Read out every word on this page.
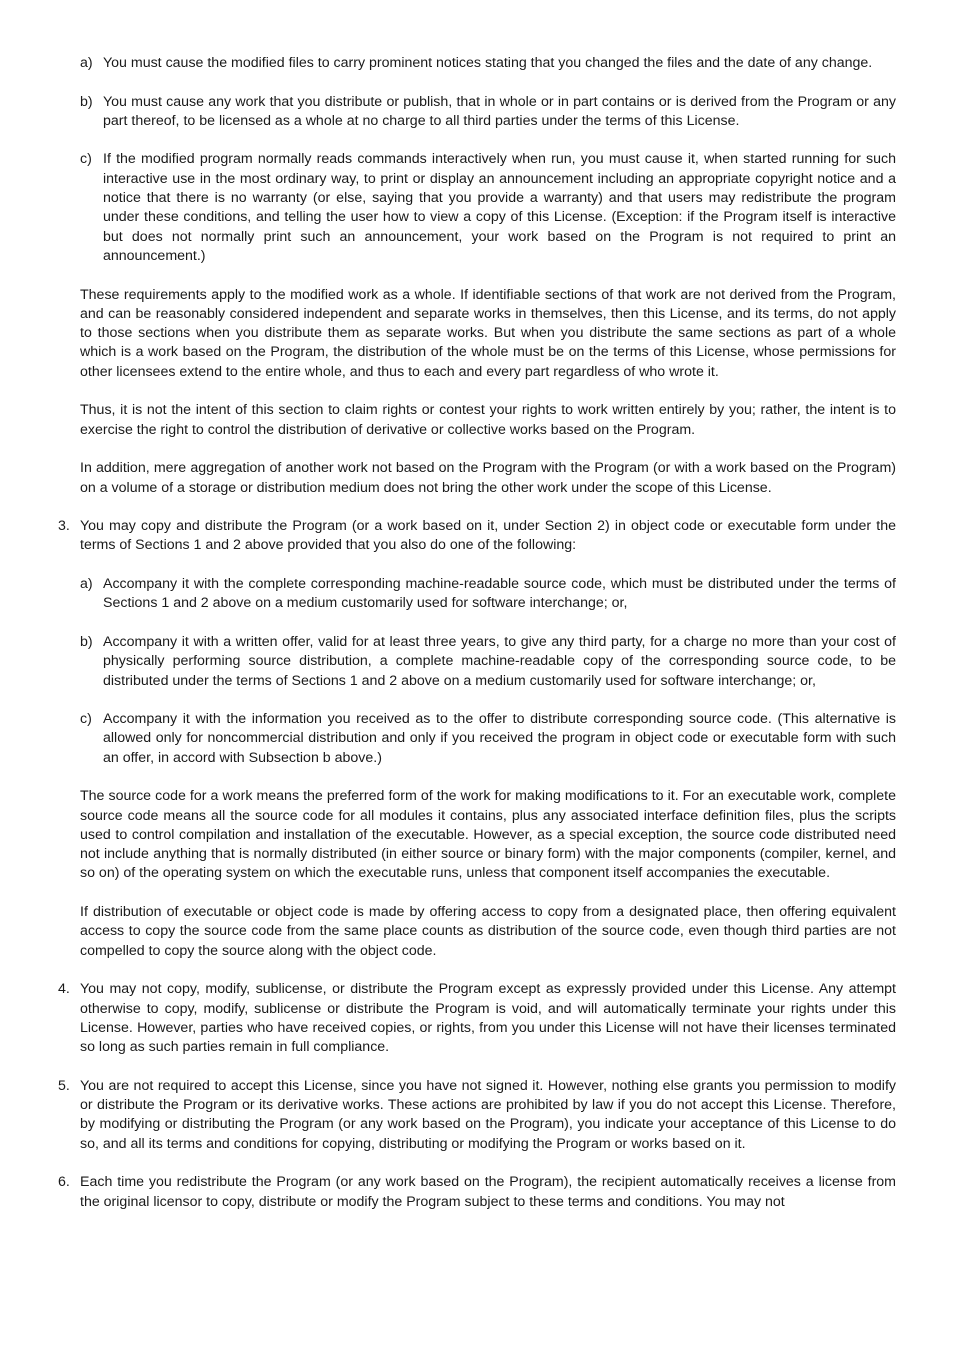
a) You must cause the modified files to carry prominent notices stating that you changed the files and the date of any change.

b) You must cause any work that you distribute or publish, that in whole or in part contains or is derived from the Program or any part thereof, to be licensed as a whole at no charge to all third parties under the terms of this License.

c) If the modified program normally reads commands interactively when run, you must cause it, when started running for such interactive use in the most ordinary way, to print or display an announcement including an appropriate copyright notice and a notice that there is no warranty (or else, saying that you provide a warranty) and that users may redistribute the program under these conditions, and telling the user how to view a copy of this License. (Exception: if the Program itself is interactive but does not normally print such an announcement, your work based on the Program is not required to print an announcement.)

These requirements apply to the modified work as a whole. If identifiable sections of that work are not derived from the Program, and can be reasonably considered independent and separate works in themselves, then this License, and its terms, do not apply to those sections when you distribute them as separate works. But when you distribute the same sections as part of a whole which is a work based on the Program, the distribution of the whole must be on the terms of this License, whose permissions for other licensees extend to the entire whole, and thus to each and every part regardless of who wrote it.

Thus, it is not the intent of this section to claim rights or contest your rights to work written entirely by you; rather, the intent is to exercise the right to control the distribution of derivative or collective works based on the Program.

In addition, mere aggregation of another work not based on the Program with the Program (or with a work based on the Program) on a volume of a storage or distribution medium does not bring the other work under the scope of this License.

3. You may copy and distribute the Program (or a work based on it, under Section 2) in object code or executable form under the terms of Sections 1 and 2 above provided that you also do one of the following:

a) Accompany it with the complete corresponding machine-readable source code, which must be distributed under the terms of Sections 1 and 2 above on a medium customarily used for software interchange; or,

b) Accompany it with a written offer, valid for at least three years, to give any third party, for a charge no more than your cost of physically performing source distribution, a complete machine-readable copy of the corresponding source code, to be distributed under the terms of Sections 1 and 2 above on a medium customarily used for software interchange; or,

c) Accompany it with the information you received as to the offer to distribute corresponding source code. (This alternative is allowed only for noncommercial distribution and only if you received the program in object code or executable form with such an offer, in accord with Subsection b above.)

The source code for a work means the preferred form of the work for making modifications to it. For an executable work, complete source code means all the source code for all modules it contains, plus any associated interface definition files, plus the scripts used to control compilation and installation of the executable. However, as a special exception, the source code distributed need not include anything that is normally distributed (in either source or binary form) with the major components (compiler, kernel, and so on) of the operating system on which the executable runs, unless that component itself accompanies the executable.

If distribution of executable or object code is made by offering access to copy from a designated place, then offering equivalent access to copy the source code from the same place counts as distribution of the source code, even though third parties are not compelled to copy the source along with the object code.

4. You may not copy, modify, sublicense, or distribute the Program except as expressly provided under this License. Any attempt otherwise to copy, modify, sublicense or distribute the Program is void, and will automatically terminate your rights under this License. However, parties who have received copies, or rights, from you under this License will not have their licenses terminated so long as such parties remain in full compliance.

5. You are not required to accept this License, since you have not signed it. However, nothing else grants you permission to modify or distribute the Program or its derivative works. These actions are prohibited by law if you do not accept this License. Therefore, by modifying or distributing the Program (or any work based on the Program), you indicate your acceptance of this License to do so, and all its terms and conditions for copying, distributing or modifying the Program or works based on it.

6. Each time you redistribute the Program (or any work based on the Program), the recipient automatically receives a license from the original licensor to copy, distribute or modify the Program subject to these terms and conditions. You may not
